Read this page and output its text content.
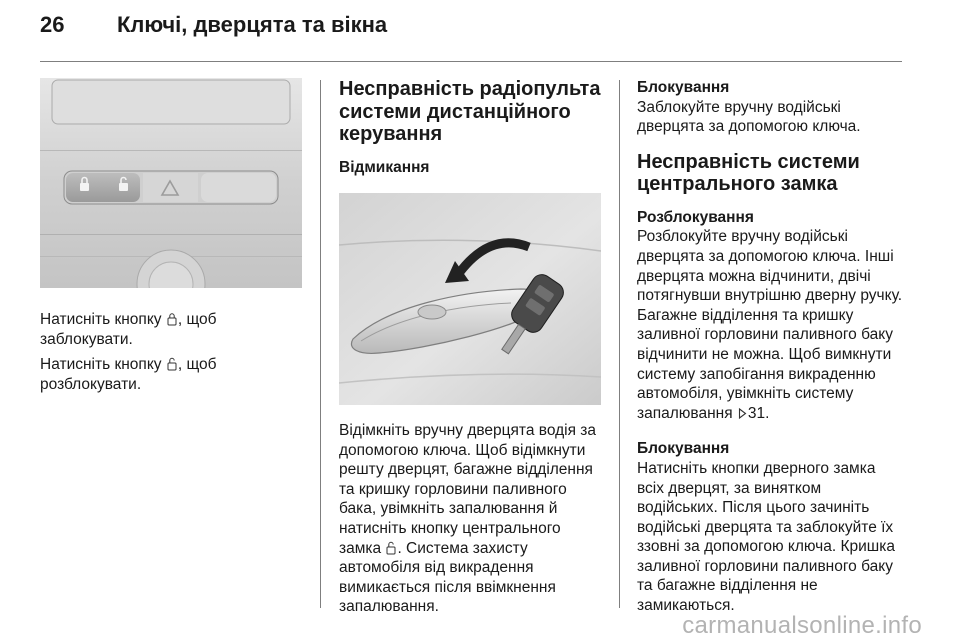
26 Ключі, дверцята та вікна

Натисніть кнопку , щоб заблокувати.

Натисніть кнопку , щоб розблокувати.

Несправність радіопульта системи дистанційного керування

Відмикання

Відімкніть вручну дверцята водія за допомогою ключа. Щоб відімкнути решту дверцят, багажне відділення та кришку горловини паливного бака, увімкніть запалювання й натисніть кнопку центрального замка . Система захисту автомобіля від викрадення вимикається після ввімкнення запалювання.

Блокування

Заблокуйте вручну водійські дверцята за допомогою ключа.

Несправність системи центрального замка

Розблокування

Розблокуйте вручну водійські дверцята за допомогою ключа. Інші дверцята можна відчинити, двічі потягнувши внутрішню дверну ручку. Багажне відділення та кришку заливної горловини паливного баку відчинити не можна. Щоб вимкнути систему запобігання викраденню автомобіля, увімкніть систему запалювання 31.

Блокування

Натисніть кнопки дверного замка всіх дверцят, за винятком водійських. Після цього зачиніть водійські дверцята та заблокуйте їх ззовні за допомогою ключа. Кришка заливної горловини паливного баку та багажне відділення не замикаються.

carmanualsonline.info
